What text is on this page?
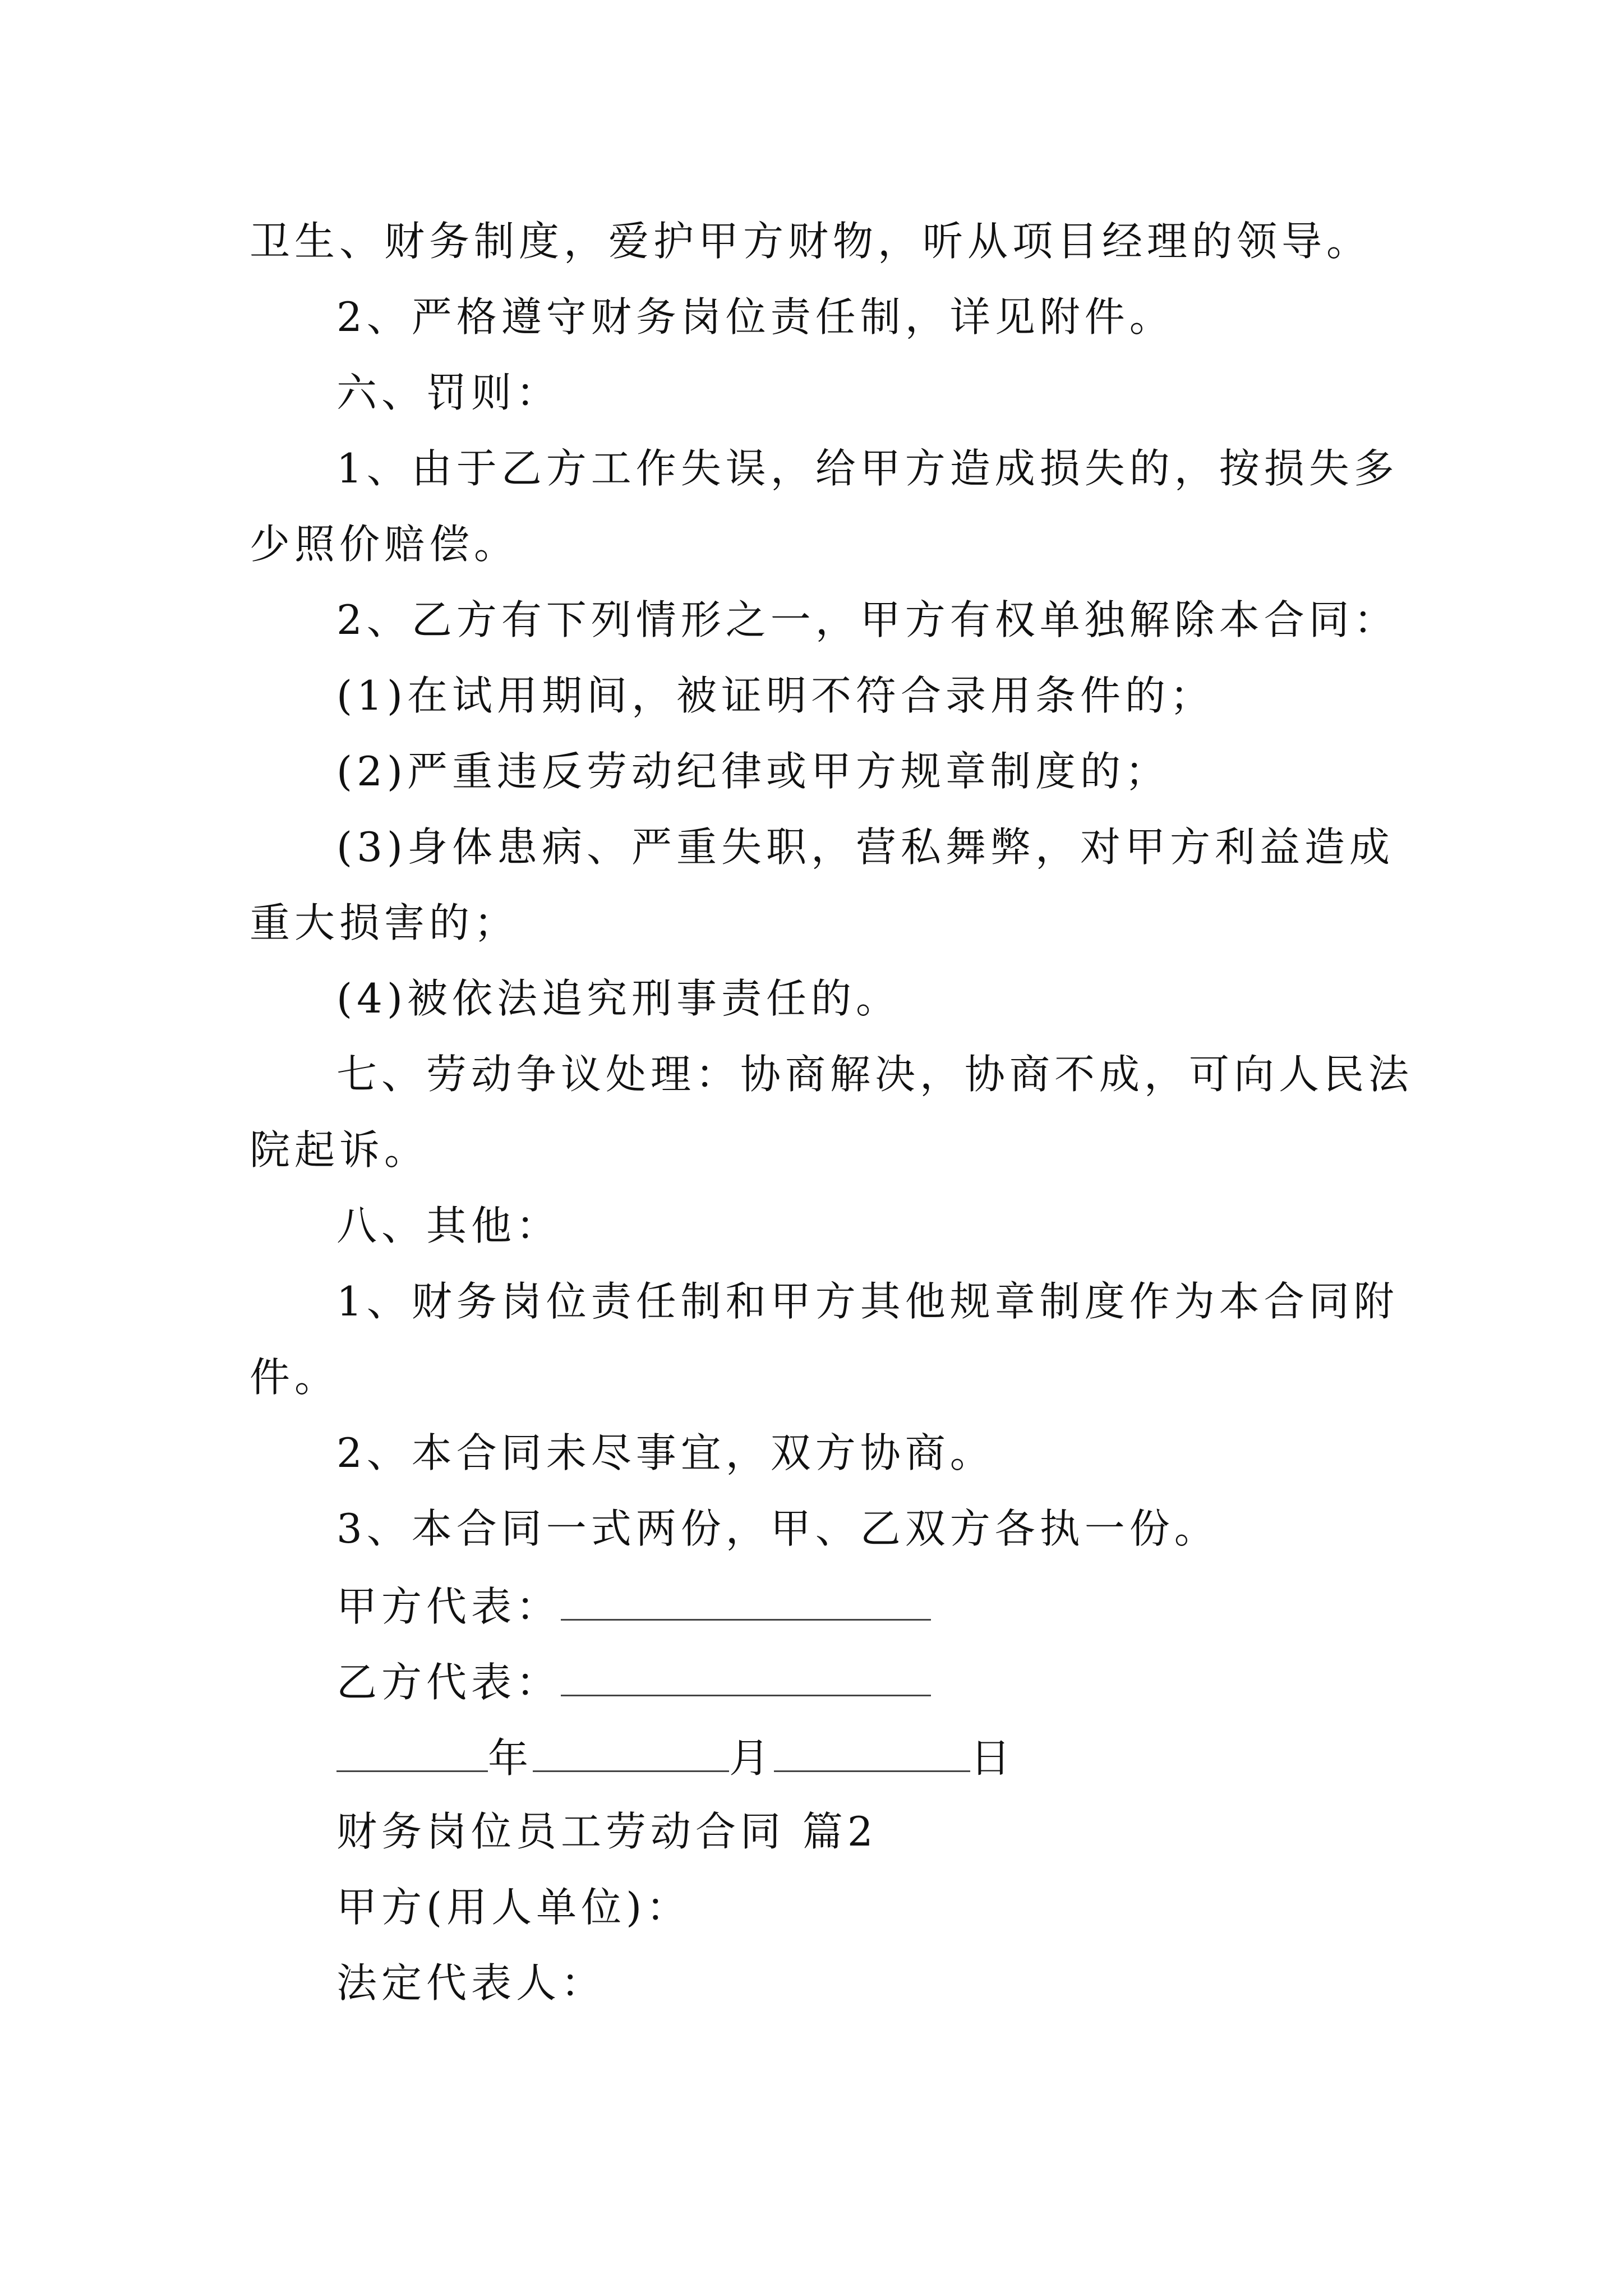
卫生、财务制度，爱护甲方财物，听从项目经理的领导。
2、严格遵守财务岗位责任制，详见附件。
六、罚则：
1、由于乙方工作失误，给甲方造成损失的，按损失多
少照价赔偿。
2、乙方有下列情形之一，甲方有权单独解除本合同：
(1)在试用期间，被证明不符合录用条件的；
(2)严重违反劳动纪律或甲方规章制度的；
(3)身体患病、严重失职，营私舞弊，对甲方利益造成
重大损害的；
(4)被依法追究刑事责任的。
七、劳动争议处理：协商解决，协商不成，可向人民法
院起诉。
八、其他：
1、财务岗位责任制和甲方其他规章制度作为本合同附
件。
2、本合同未尽事宜，双方协商。
3、本合同一式两份，甲、乙双方各执一份。
甲方代表：
乙方代表：
年	月	日
财务岗位员工劳动合同 篇2
甲方(用人单位)：
法定代表人：
